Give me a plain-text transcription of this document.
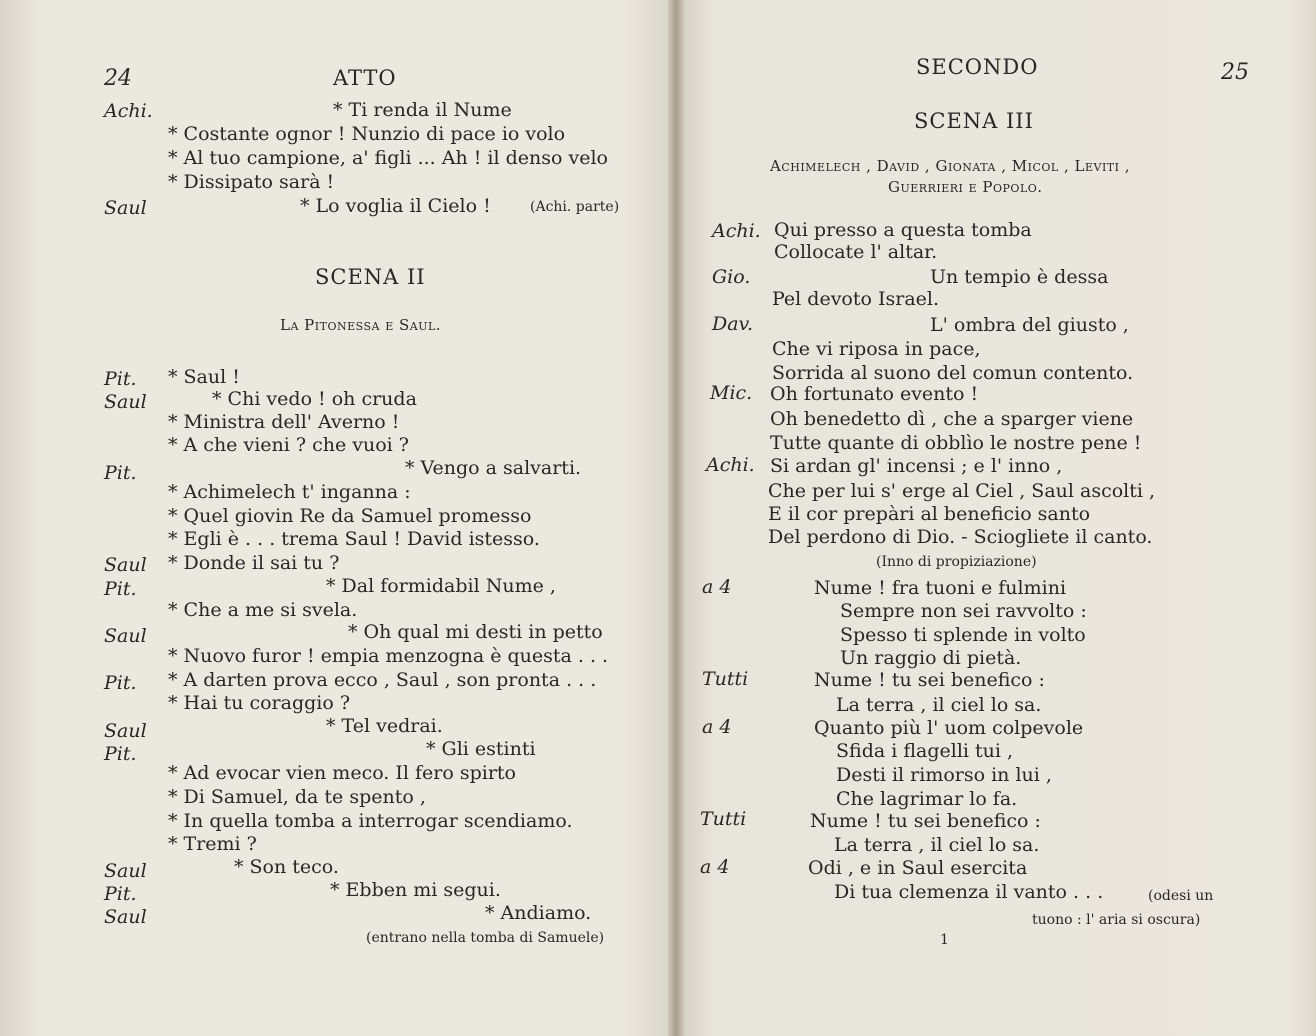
24	ATTO
Achi.	* Ti renda il Nume
* Costante ognor ! Nunzio di pace io volo
* Al tuo campione, a' figli ... Ah ! il denso velo
* Dissipato sarà !
Saul	* Lo voglia il Cielo !	(Achi. parte)
SCENA II
La Pitonessa e Saul.
Pit. * Saul !
Saul	* Chi vedo ! oh cruda
* Ministra dell' Averno !
* A che vieni ? che vuoi ?
Pit.	* Vengo a salvarti.
* Achimelech t' inganna :
* Quel giovin Re da Samuel promesso
* Egli è . . . trema Saul ! David istesso.
Saul * Donde il sai tu ?
Pit.	* Dal formidabil Nume ,
* Che a me si svela.
Saul	* Oh qual mi desti in petto
* Nuovo furor ! empia menzogna è questa . . .
Pit. * A darten prova ecco , Saul , son pronta . . .
* Hai tu coraggio ?
Saul	* Tel vedrai.
Pit.	* Gli estinti
* Ad evocar vien meco. Il fero spirto
* Di Samuel, da te spento ,
* In quella tomba a interrogar scendiamo.
* Tremi ?
Saul	* Son teco.
Pit.	* Ebben mi segui.
Saul	* Andiamo.
(entrano nella tomba di Samuele)
SECONDO	25
SCENA III
Achimelech , David , Gionata , Micol , Leviti ,
Guerrieri e Popolo.
Achi. Qui presso a questa tomba
Collocate l' altar.
Gio.	Un tempio è dessa
Pel devoto Israel.
Dav.	L' ombra del giusto ,
Che vi riposa in pace,
Sorrida al suono del comun contento.
Mic. Oh fortunato evento !
Oh benedetto dì , che a sparger viene
Tutte quante di obblìo le nostre pene !
Achi. Si ardan gl' incensi ; e l' inno ,
Che per lui s' erge al Ciel , Saul ascolti ,
E il cor prepàri al beneficio santo
Del perdono di Dio. - Sciogliete il canto.
(Inno di propiziazione)
a 4	Nume ! fra tuoni e fulmini
Sempre non sei ravvolto :
Spesso ti splende in volto
Un raggio di pietà.
Tutti	Nume ! tu sei benefico :
La terra , il ciel lo sa.
a 4	Quanto più l' uom colpevole
Sfida i flagelli tui ,
Desti il rimorso in lui ,
Che lagrimar lo fa.
Tutti	Nume ! tu sei benefico :
La terra , il ciel lo sa.
a 4	Odi , e in Saul esercita
Di tua clemenza il vanto . . .	(odesi un
tuono : l' aria si oscura)
1
